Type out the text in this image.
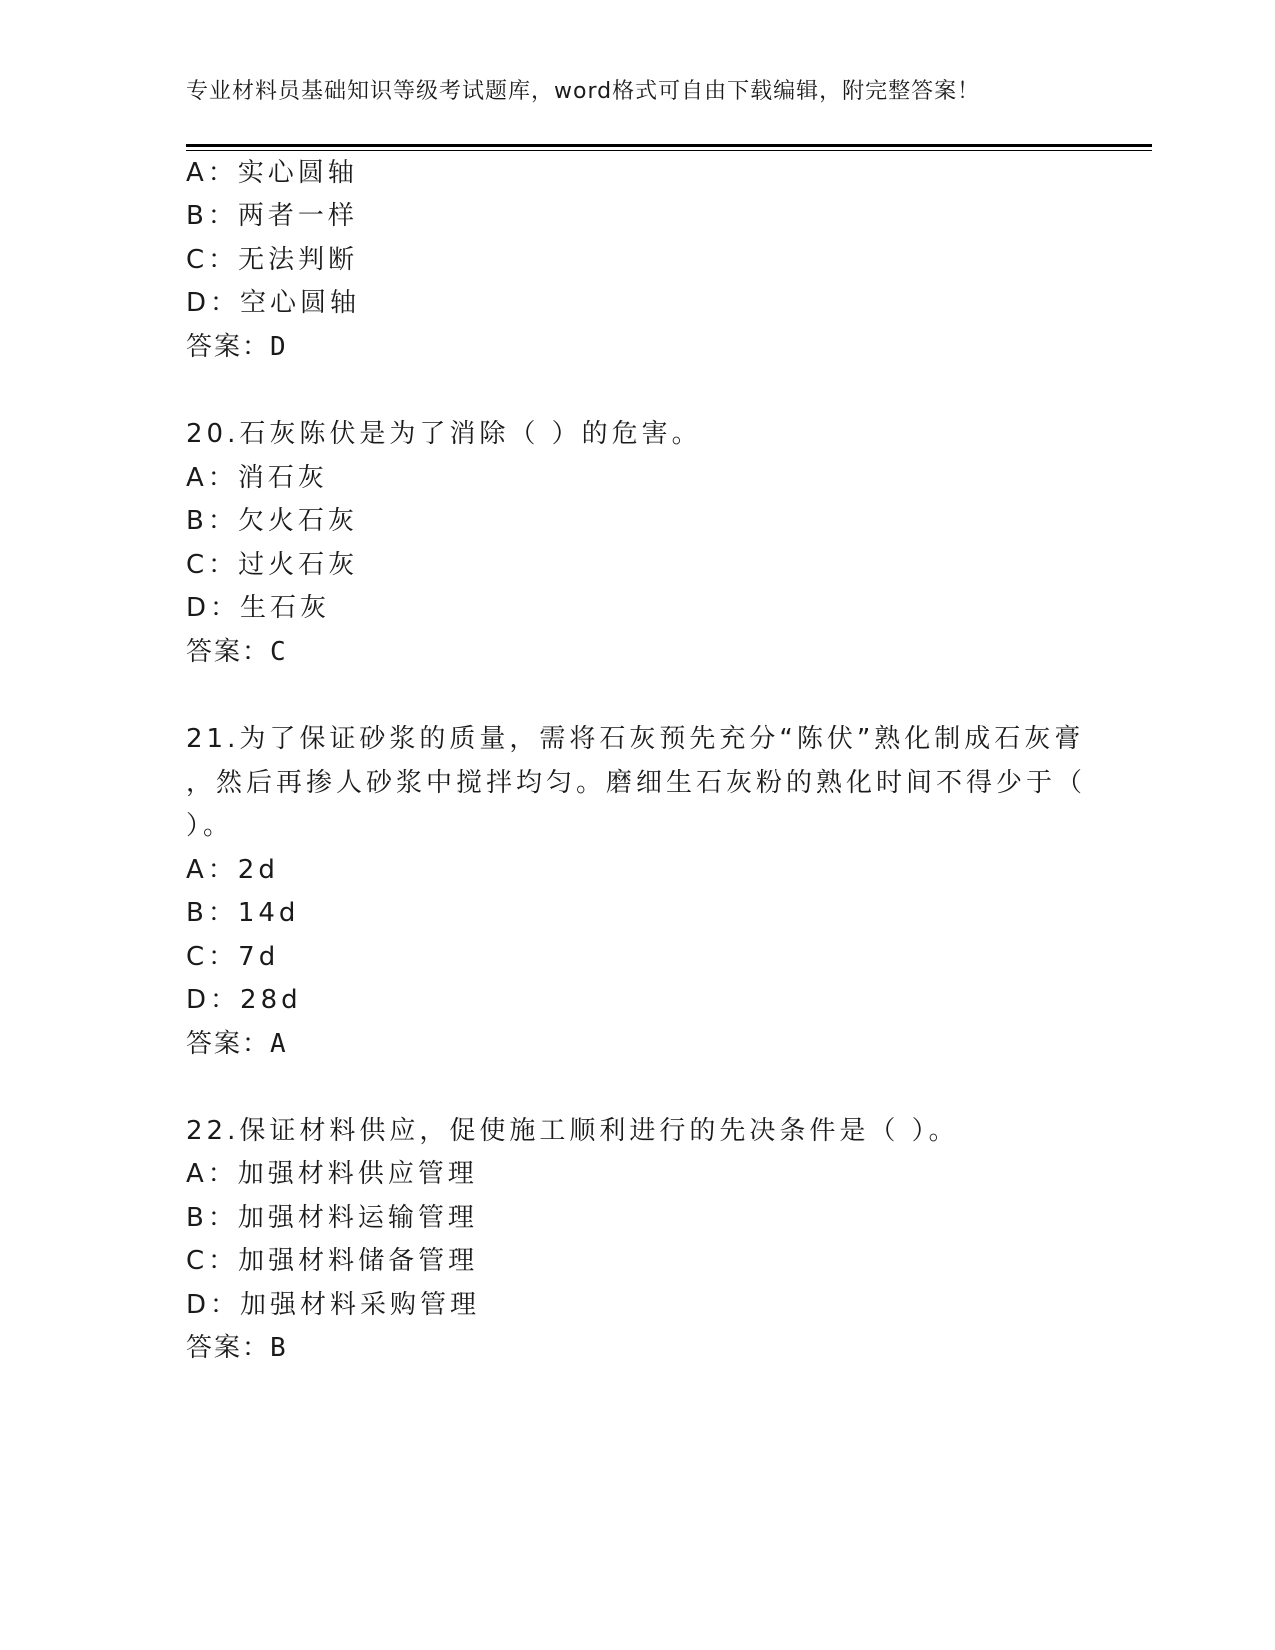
专业材料员基础知识等级考试题库，word格式可自由下载编辑，附完整答案！
A：实心圆轴
B：两者一样
C：无法判断
D：空心圆轴
答案：D
20.石灰陈伏是为了消除（ ）的危害。
A：消石灰
B：欠火石灰
C：过火石灰
D：生石灰
答案：C
21.为了保证砂浆的质量，需将石灰预先充分“陈伏”熟化制成石灰膏
，然后再掺人砂浆中搅拌均匀。磨细生石灰粉的熟化时间不得少于（
）。
A：2d
B：14d
C：7d
D：28d
答案：A
22.保证材料供应，促使施工顺利进行的先决条件是（ ）。
A：加强材料供应管理
B：加强材料运输管理
C：加强材料储备管理
D：加强材料采购管理
答案：B
